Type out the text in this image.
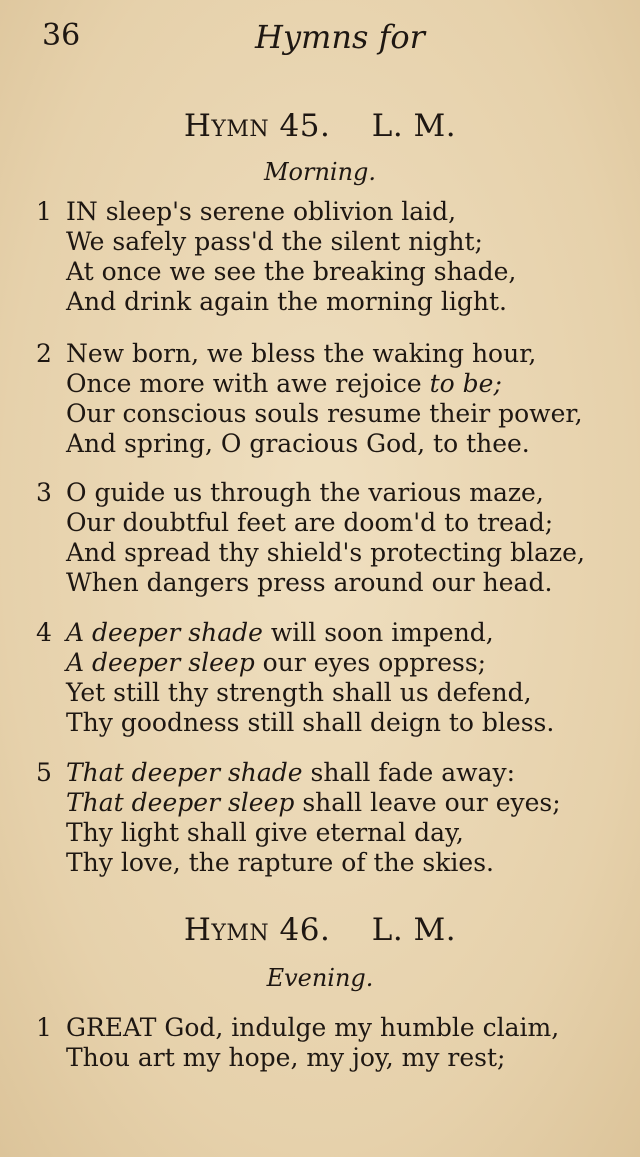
36	Hymns for
Hymn 45. L. M.
Morning.
1 IN sleep's serene oblivion laid,
We safely pass'd the silent night;
At once we see the breaking shade,
And drink again the morning light.
2 New born, we bless the waking hour,
Once more with awe rejoice to be;
Our conscious souls resume their power,
And spring, O gracious God, to thee.
3 O guide us through the various maze,
Our doubtful feet are doom'd to tread;
And spread thy shield's protecting blaze,
When dangers press around our head.
4 A deeper shade will soon impend,
A deeper sleep our eyes oppress;
Yet still thy strength shall us defend,
Thy goodness still shall deign to bless.
5 That deeper shade shall fade away:
That deeper sleep shall leave our eyes;
Thy light shall give eternal day,
Thy love, the rapture of the skies.
Hymn 46. L. M.
Evening.
1 GREAT God, indulge my humble claim,
Thou art my hope, my joy, my rest;
